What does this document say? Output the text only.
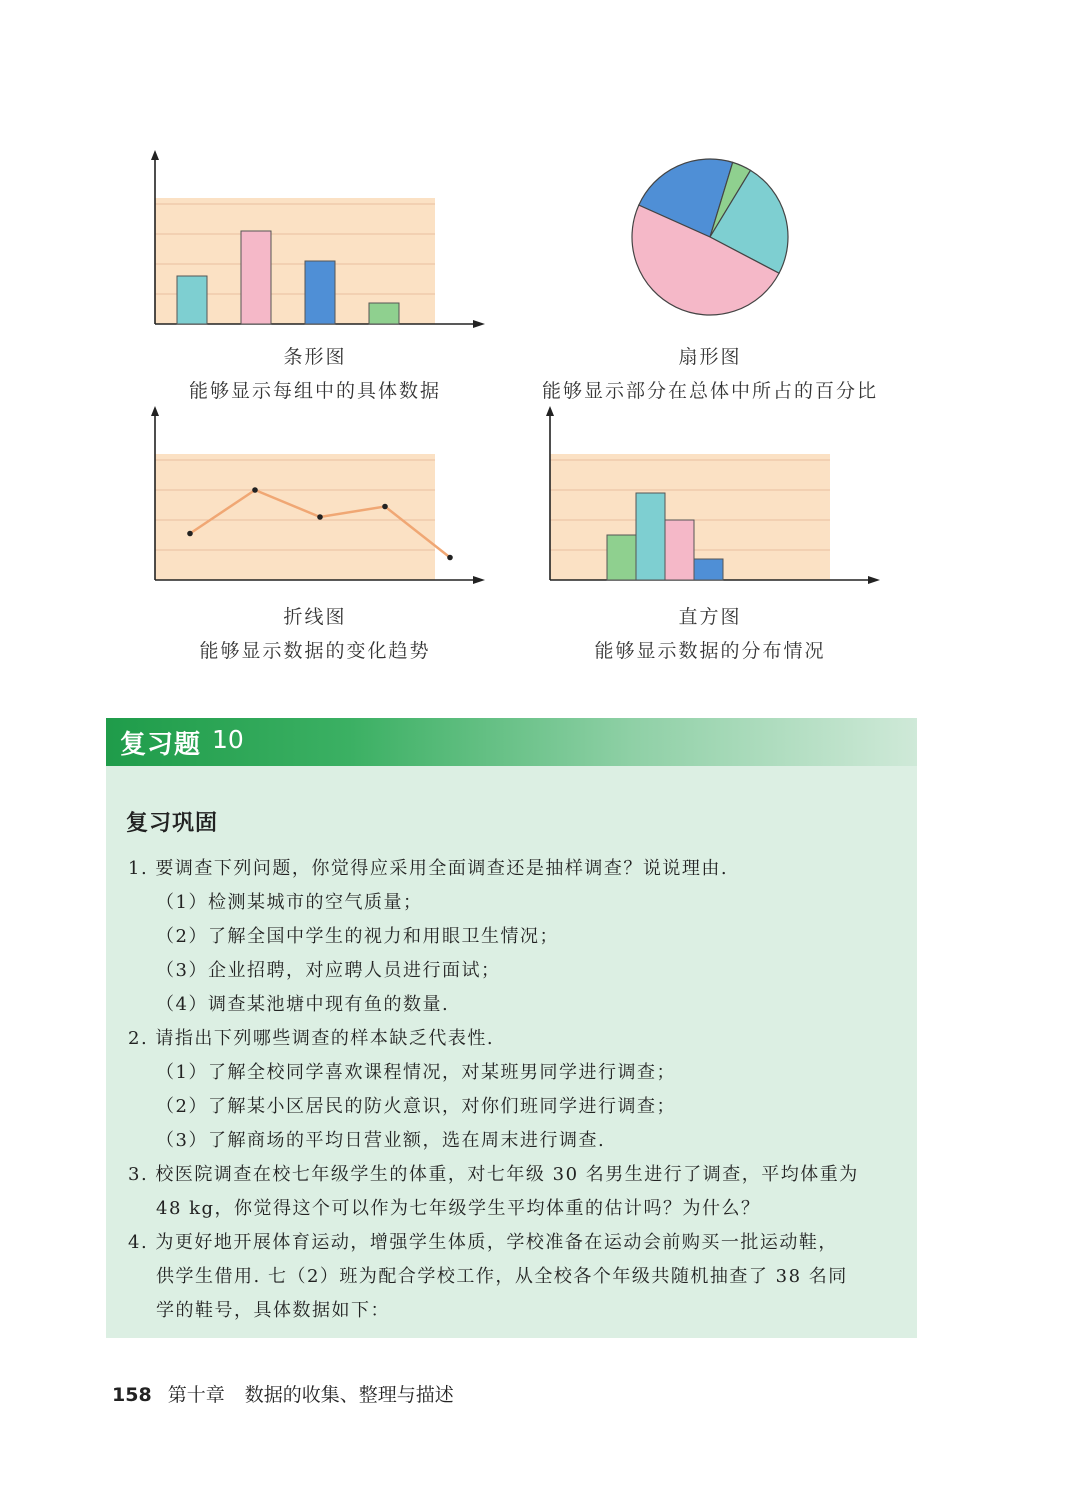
条形图
能够显示每组中的具体数据
扇形图
能够显示部分在总体中所占的百分比
折线图
能够显示数据的变化趋势
直方图
能够显示数据的分布情况
复习题 10
复习巩固
1. 要调查下列问题，你觉得应采用全面调查还是抽样调查？说说理由.
（1）检测某城市的空气质量；
（2）了解全国中学生的视力和用眼卫生情况；
（3）企业招聘，对应聘人员进行面试；
（4）调查某池塘中现有鱼的数量.
2. 请指出下列哪些调查的样本缺乏代表性.
（1）了解全校同学喜欢课程情况，对某班男同学进行调查；
（2）了解某小区居民的防火意识，对你们班同学进行调查；
（3）了解商场的平均日营业额，选在周末进行调查.
3. 校医院调查在校七年级学生的体重，对七年级 30 名男生进行了调查，平均体重为
48 kg，你觉得这个可以作为七年级学生平均体重的估计吗？为什么？
4. 为更好地开展体育运动，增强学生体质，学校准备在运动会前购买一批运动鞋，
供学生借用. 七（2）班为配合学校工作，从全校各个年级共随机抽查了 38 名同
学的鞋号，具体数据如下：
158 第十章 数据的收集、整理与描述
